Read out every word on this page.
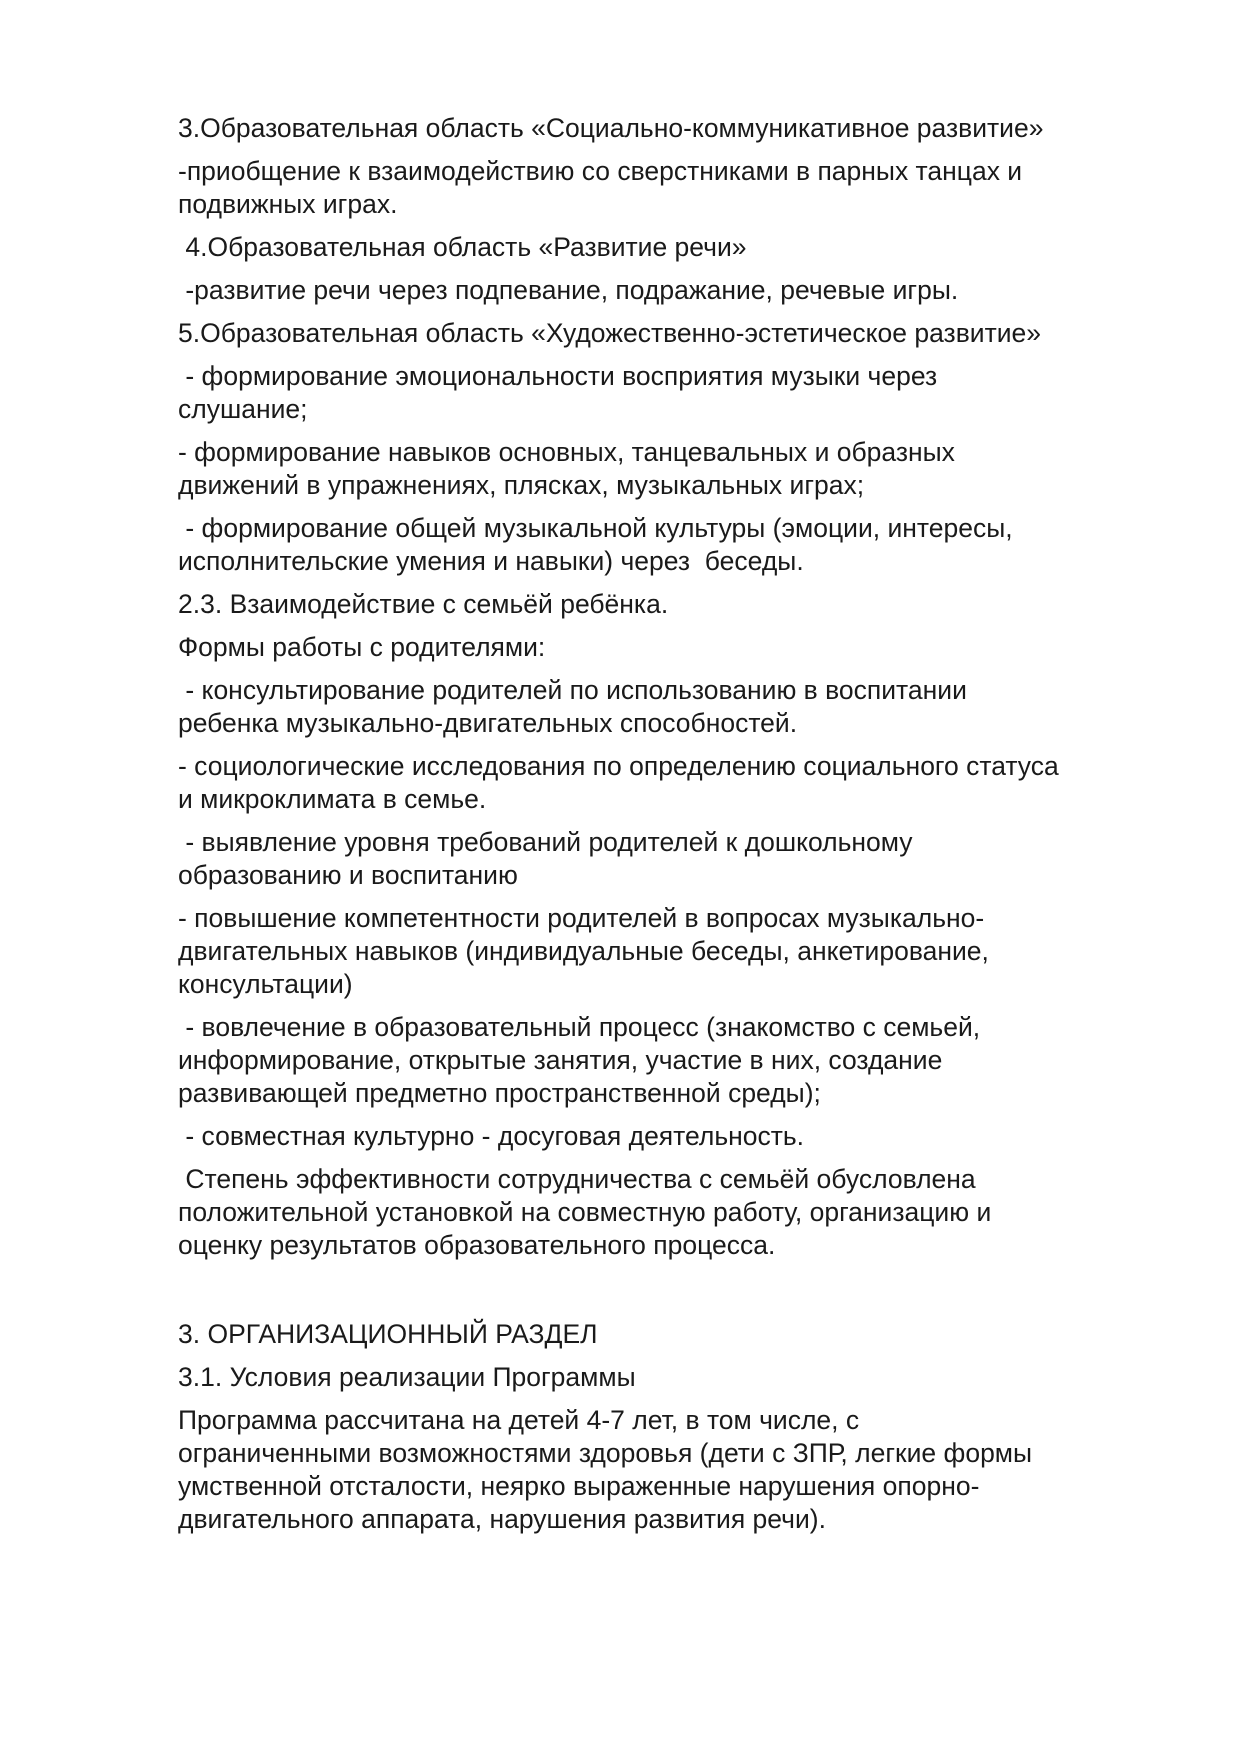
3.Образовательная область «Социально-коммуникативное развитие»

-приобщение к взаимодействию со сверстниками в парных танцах и
подвижных играх.

4.Образовательная область «Развитие речи»

-развитие речи через подпевание, подражание, речевые игры.

5.Образовательная область «Художественно-эстетическое развитие»

- формирование эмоциональности восприятия музыки через
слушание;

- формирование навыков основных, танцевальных и образных
движений в упражнениях, плясках, музыкальных играх;

- формирование общей музыкальной культуры (эмоции, интересы,
исполнительские умения и навыки) через  беседы.

2.3. Взаимодействие с семьёй ребёнка.

Формы работы с родителями:

- консультирование родителей по использованию в воспитании
ребенка музыкально-двигательных способностей.

- социологические исследования по определению социального статуса
и микроклимата в семье.

- выявление уровня требований родителей к дошкольному
образованию и воспитанию

- повышение компетентности родителей в вопросах музыкально-
двигательных навыков (индивидуальные беседы, анкетирование,
консультации)

- вовлечение в образовательный процесс (знакомство с семьей,
информирование, открытые занятия, участие в них, создание
развивающей предметно пространственной среды);

- совместная культурно - досуговая деятельность.

Степень эффективности сотрудничества с семьёй обусловлена
положительной установкой на совместную работу, организацию и
оценку результатов образовательного процесса.

3. ОРГАНИЗАЦИОННЫЙ РАЗДЕЛ

3.1. Условия реализации Программы

Программа рассчитана на детей 4-7 лет, в том числе, с
ограниченными возможностями здоровья (дети с ЗПР, легкие формы
умственной отсталости, неярко выраженные нарушения опорно-
двигательного аппарата, нарушения развития речи).
